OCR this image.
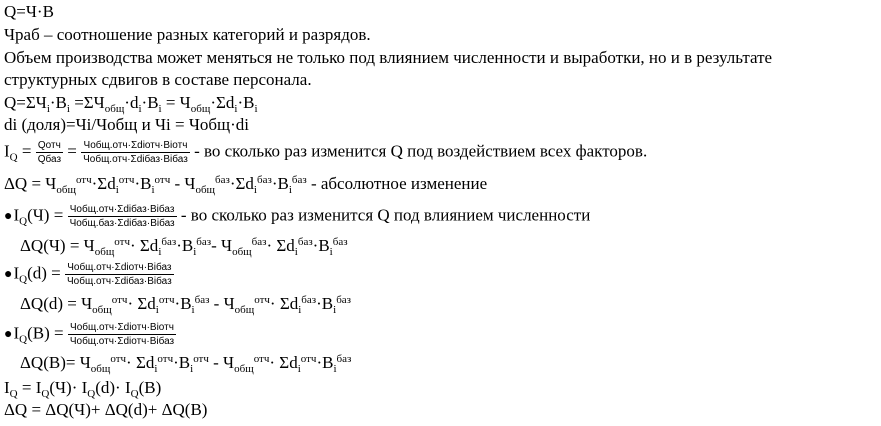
Q=Ч·В
Чраб – соотношение разных категорий и разрядов.
Объем производства может меняться не только под влиянием численности и выработки, но и в результате
структурных сдвигов в составе персонала.
$Q=\Sigma Ч_i\cdot В_i =\Sigma Ч_{общ}\cdot d_i\cdot В_i = Ч_{общ}\cdot\Sigma d_i\cdot В_i$
di (доля)=Чi/Чобщ и Чi = Чобщ·di
$I_Q = \frac{\text{Qотч}}{\text{Qбаз}} = \frac{\text{Чобщ.отч·Σdiотч·Віотч}}{\text{Чобщ.отч·Σdiбаз·Вiбаз}}$ - во сколько раз изменится Q под воздействием всех факторов.
$\Delta Q = Ч_{общ}^{отч}\cdot\Sigma d_i^{отч}\cdot В_i^{отч} - Ч_{общ}^{баз}\cdot\Sigma d_i^{баз}\cdot В_i^{баз}$ - абсолютное изменение
$●I_Q(Ч) = \frac{\text{Чобщ.отч·Σdiбаз·Вiбаз}}{\text{Чобщ.баз·Σdiбаз·Вiбаз}}$ - во сколько раз изменится Q под влиянием численности
$\Delta Q(Ч) = Ч_{общ}^{отч}\cdot \Sigma d_i^{баз}\cdot В_i^{баз}-$ $Ч_{общ}^{баз}\cdot \Sigma d_i^{баз}\cdot В_i^{баз}$
$●I_Q(d) = \frac{\text{Чобщ.отч·Σdiотч·Вiбаз}}{\text{Чобщ.отч·Σdiбаз·Вiбаз}}$
$\Delta Q(d) = Ч_{общ}^{отч}\cdot \Sigma d_i^{отч}\cdot В_i^{баз} - Ч_{общ}^{отч}\cdot \Sigma d_i^{баз}\cdot В_i^{баз}$
$●I_Q(В) = \frac{\text{Чобщ.отч·Σdiотч·Віотч}}{\text{Чобщ.отч·Σdiотч·Вiбаз}}$
$\Delta Q(В)= Ч_{общ}^{отч}\cdot \Sigma d_i^{отч}\cdot В_i^{отч} - Ч_{общ}^{отч}\cdot \Sigma d_i^{отч}\cdot В_i^{баз}$
$I_Q = I_Q(Ч)\cdot I_Q(d)\cdot I_Q(В)$
ΔQ = ΔQ(Ч)+ ΔQ(d)+ ΔQ(В)
